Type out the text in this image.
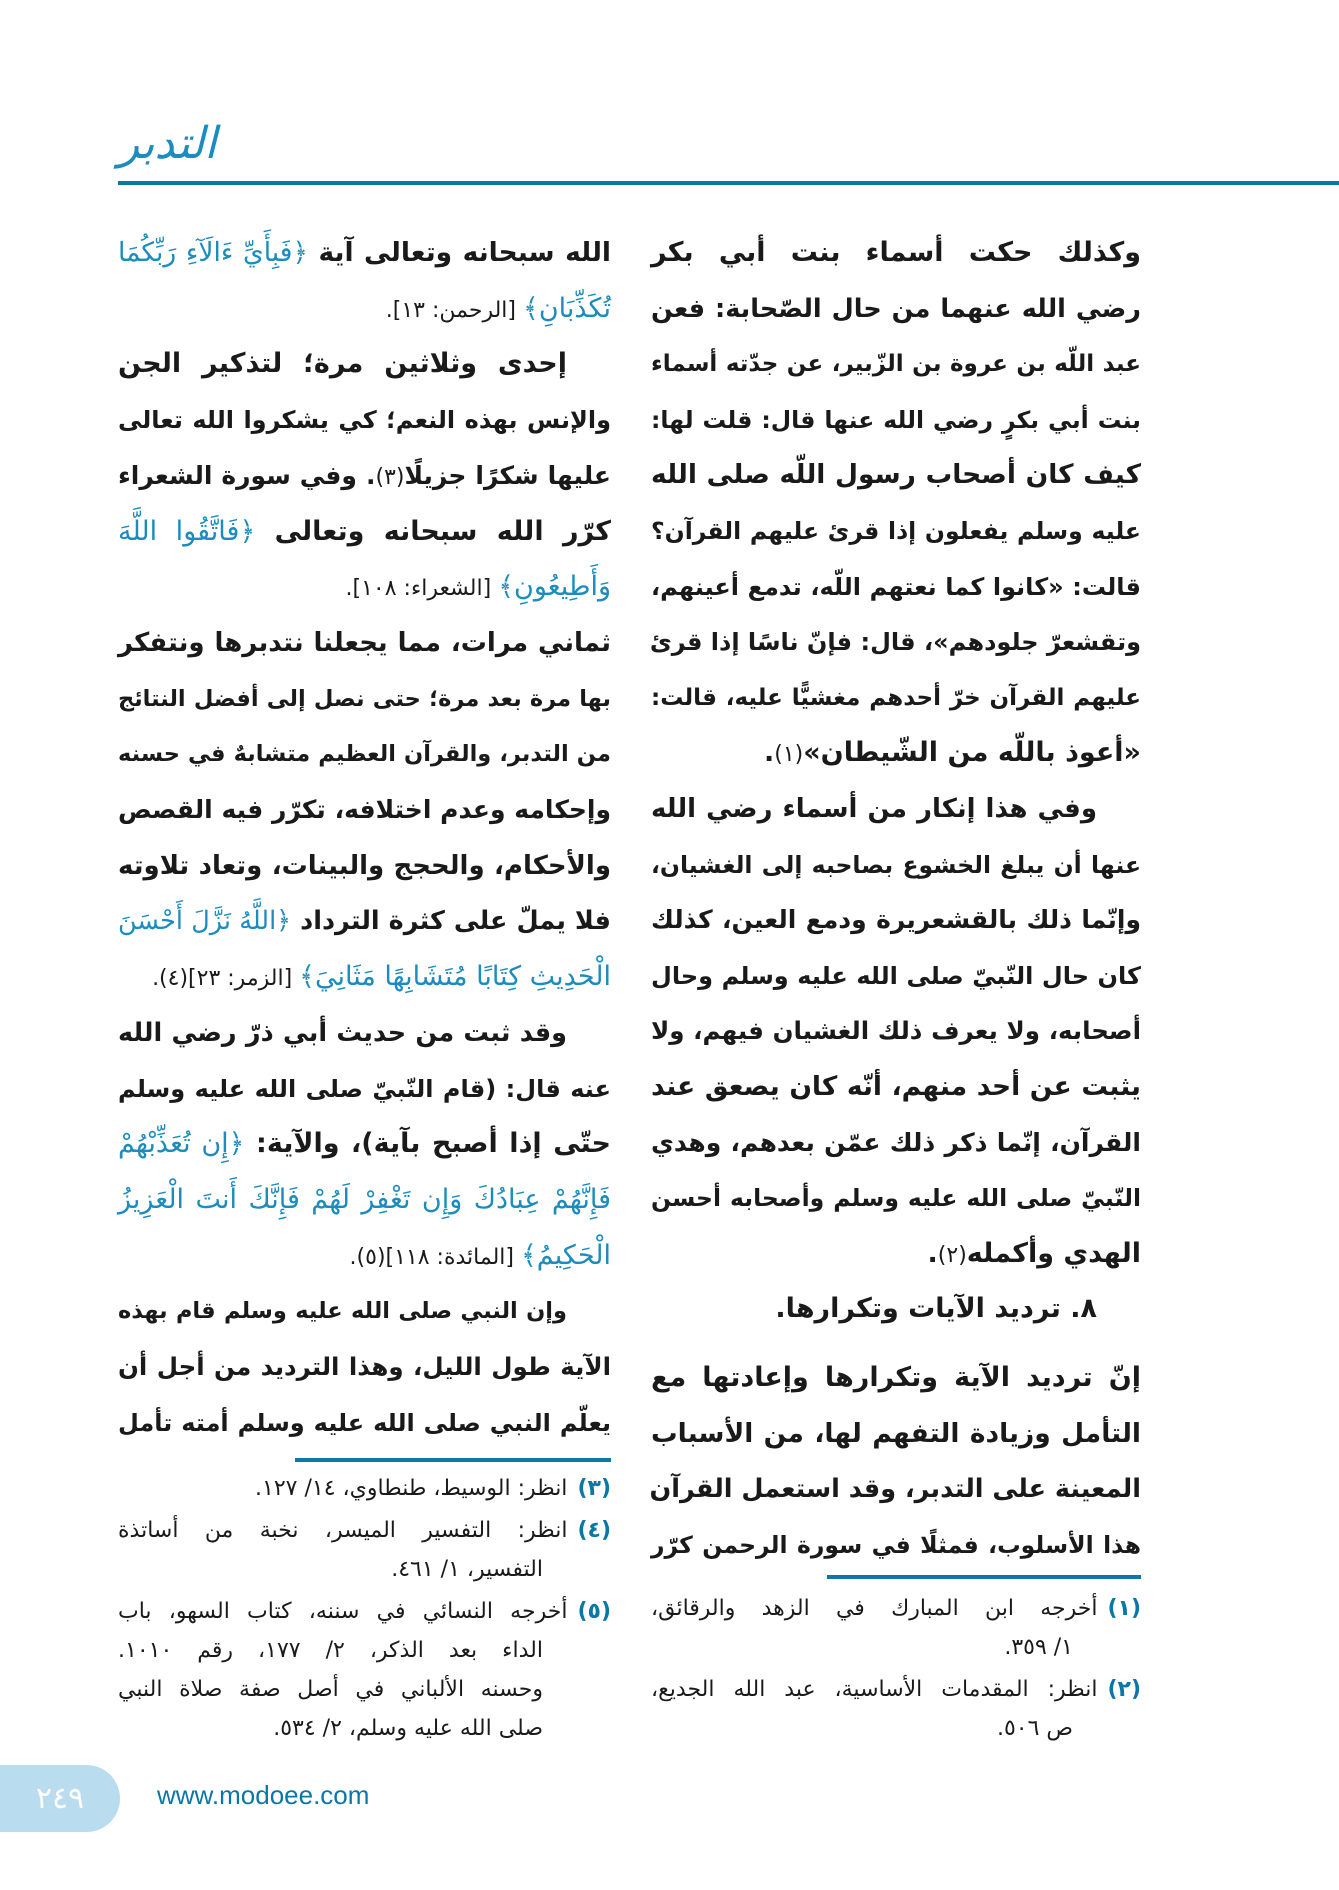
التدبر
وكذلك حكت أسماء بنت أبي بكر
رضي الله عنهما من حال الصّحابة: فعن
عبد اللّه بن عروة بن الزّبير، عن جدّته أسماء
بنت أبي بكرٍ رضي الله عنها قال: قلت لها:
كيف كان أصحاب رسول اللّه صلى الله
عليه وسلم يفعلون إذا قرئ عليهم القرآن؟
قالت: «كانوا كما نعتهم اللّه، تدمع أعينهم،
وتقشعرّ جلودهم»، قال: فإنّ ناسًا إذا قرئ
عليهم القرآن خرّ أحدهم مغشيًّا عليه، قالت:
«أعوذ باللّه من الشّيطان»(١).
وفي هذا إنكار من أسماء رضي الله
عنها أن يبلغ الخشوع بصاحبه إلى الغشيان،
وإنّما ذلك بالقشعريرة ودمع العين، كذلك
كان حال النّبيّ صلى الله عليه وسلم وحال
أصحابه، ولا يعرف ذلك الغشيان فيهم، ولا
يثبت عن أحد منهم، أنّه كان يصعق عند
القرآن، إنّما ذكر ذلك عمّن بعدهم، وهدي
النّبيّ صلى الله عليه وسلم وأصحابه أحسن
الهدي وأكمله(٢).
٨. ترديد الآيات وتكرارها.
إنّ ترديد الآية وتكرارها وإعادتها مع
التأمل وزيادة التفهم لها، من الأسباب
المعينة على التدبر، وقد استعمل القرآن
هذا الأسلوب، فمثلًا في سورة الرحمن كرّر
(١)أخرجه ابن المبارك في الزهد والرقائق،
١/ ٣٥٩.
(٢)انظر: المقدمات الأساسية، عبد الله الجديع،
ص ٥٠٦.
الله سبحانه وتعالى آية ﴿فَبِأَيِّ ءَالَآءِ رَبِّكُمَا
تُكَذِّبَانِ﴾ [الرحمن: ١٣].
إحدى وثلاثين مرة؛ لتذكير الجن
والإنس بهذه النعم؛ كي يشكروا الله تعالى
عليها شكرًا جزيلًا(٣). وفي سورة الشعراء
كرّر الله سبحانه وتعالى ﴿فَاتَّقُوا اللَّهَ
وَأَطِيعُونِ﴾ [الشعراء: ١٠٨].
ثماني مرات، مما يجعلنا نتدبرها ونتفكر
بها مرة بعد مرة؛ حتى نصل إلى أفضل النتائج
من التدبر، والقرآن العظيم متشابهٌ في حسنه
وإحكامه وعدم اختلافه، تكرّر فيه القصص
والأحكام، والحجج والبينات، وتعاد تلاوته
فلا يملّ على كثرة الترداد ﴿اللَّهُ نَزَّلَ أَحْسَنَ
الْحَدِيثِ كِتَابًا مُتَشَابِهًا مَثَانِيَ﴾ [الزمر: ٢٣](٤).
وقد ثبت من حديث أبي ذرّ رضي الله
عنه قال: (قام النّبيّ صلى الله عليه وسلم
حتّى إذا أصبح بآية)، والآية: ﴿إِن تُعَذِّبْهُمْ
فَإِنَّهُمْ عِبَادُكَ وَإِن تَغْفِرْ لَهُمْ فَإِنَّكَ أَنتَ الْعَزِيزُ
الْحَكِيمُ﴾ [المائدة: ١١٨](٥).
وإن النبي صلى الله عليه وسلم قام بهذه
الآية طول الليل، وهذا الترديد من أجل أن
يعلّم النبي صلى الله عليه وسلم أمته تأمل
(٣)انظر: الوسيط، طنطاوي، ١٤/ ١٢٧.
(٤)انظر: التفسير الميسر، نخبة من أساتذة
التفسير، ١/ ٤٦١.
(٥)أخرجه النسائي في سننه، كتاب السهو، باب
الداء بعد الذكر، ٢/ ١٧٧، رقم ١٠١٠.
وحسنه الألباني في أصل صفة صلاة النبي
صلى الله عليه وسلم، ٢/ ٥٣٤.
٢٤٩	www.modoee.com
